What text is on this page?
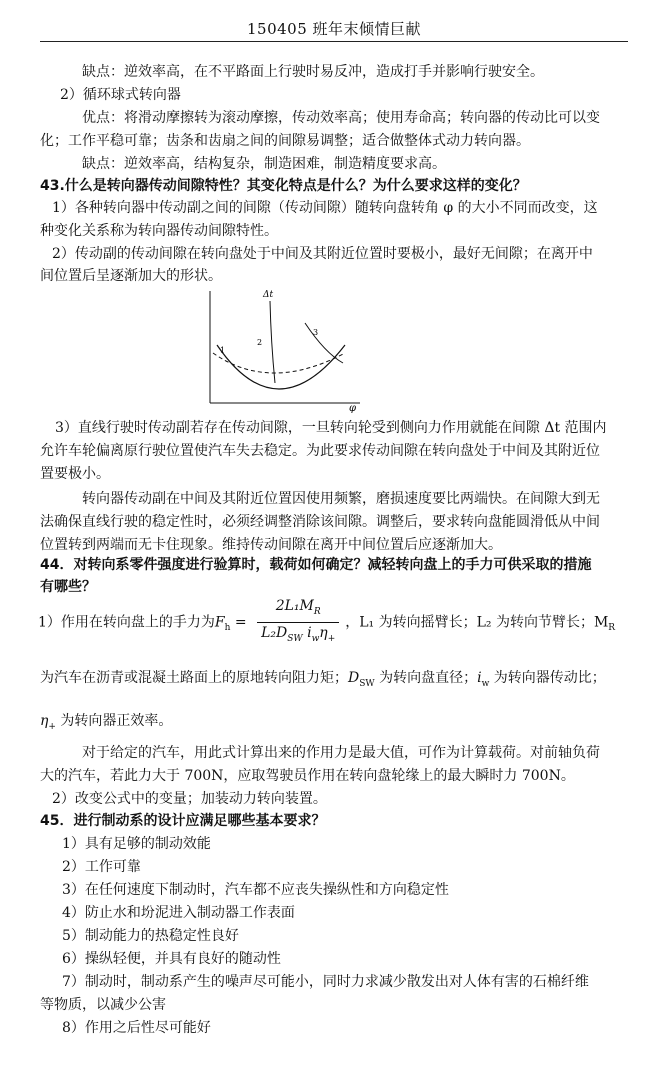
150405 班年末倾情巨献
缺点：逆效率高，在不平路面上行驶时易反冲，造成打手并影响行驶安全。
2）循环球式转向器
优点：将滑动摩擦转为滚动摩擦，传动效率高；使用寿命高；转向器的传动比可以变
化；工作平稳可靠；齿条和齿扇之间的间隙易调整；适合做整体式动力转向器。
缺点：逆效率高，结构复杂，制造困难，制造精度要求高。
43.什么是转向器传动间隙特性？其变化特点是什么？为什么要求这样的变化？
1）各种转向器中传动副之间的间隙（传动间隙）随转向盘转角 φ 的大小不同而改变，这
种变化关系称为转向器传动间隙特性。
2）传动副的传动间隙在转向盘处于中间及其附近位置时要极小，最好无间隙；在离开中
间位置后呈逐渐加大的形状。
Δt
φ
1
2
3
3）直线行驶时传动副若存在传动间隙，一旦转向轮受到侧向力作用就能在间隙 Δt 范围内
允许车轮偏离原行驶位置使汽车失去稳定。为此要求传动间隙在转向盘处于中间及其附近位
置要极小。
转向器传动副在中间及其附近位置因使用频繁，磨损速度要比两端快。在间隙大到无
法确保直线行驶的稳定性时，必须经调整消除该间隙。调整后，要求转向盘能圆滑低从中间
位置转到两端而无卡住现象。维持传动间隙在离开中间位置后应逐渐加大。
44．对转向系零件强度进行验算时，载荷如何确定？减轻转向盘上的手力可供采取的措施
有哪些？
1）作用在转向盘上的手力为$F_h = \frac{2L_1M_R}{L_2D_{SW} i_w\eta_+}$ ，L₁ 为转向摇臂长；L₂ 为转向节臂长；$M_R$
为汽车在沥青或混凝土路面上的原地转向阻力矩；$D_{SW}$ 为转向盘直径；$i_w$ 为转向器传动比；
$\eta_+$ 为转向器正效率。
对于给定的汽车，用此式计算出来的作用力是最大值，可作为计算载荷。对前轴负荷
大的汽车，若此力大于 700N，应取驾驶员作用在转向盘轮缘上的最大瞬时力 700N。
2）改变公式中的变量；加装动力转向装置。
45．进行制动系的设计应满足哪些基本要求？
1）具有足够的制动效能
2）工作可靠
3）在任何速度下制动时，汽车都不应丧失操纵性和方向稳定性
4）防止水和坋泥进入制动器工作表面
5）制动能力的热稳定性良好
6）操纵轻便，并具有良好的随动性
7）制动时，制动系产生的噪声尽可能小，同时力求减少散发出对人体有害的石棉纤维
等物质，以减少公害
8）作用之后性尽可能好
